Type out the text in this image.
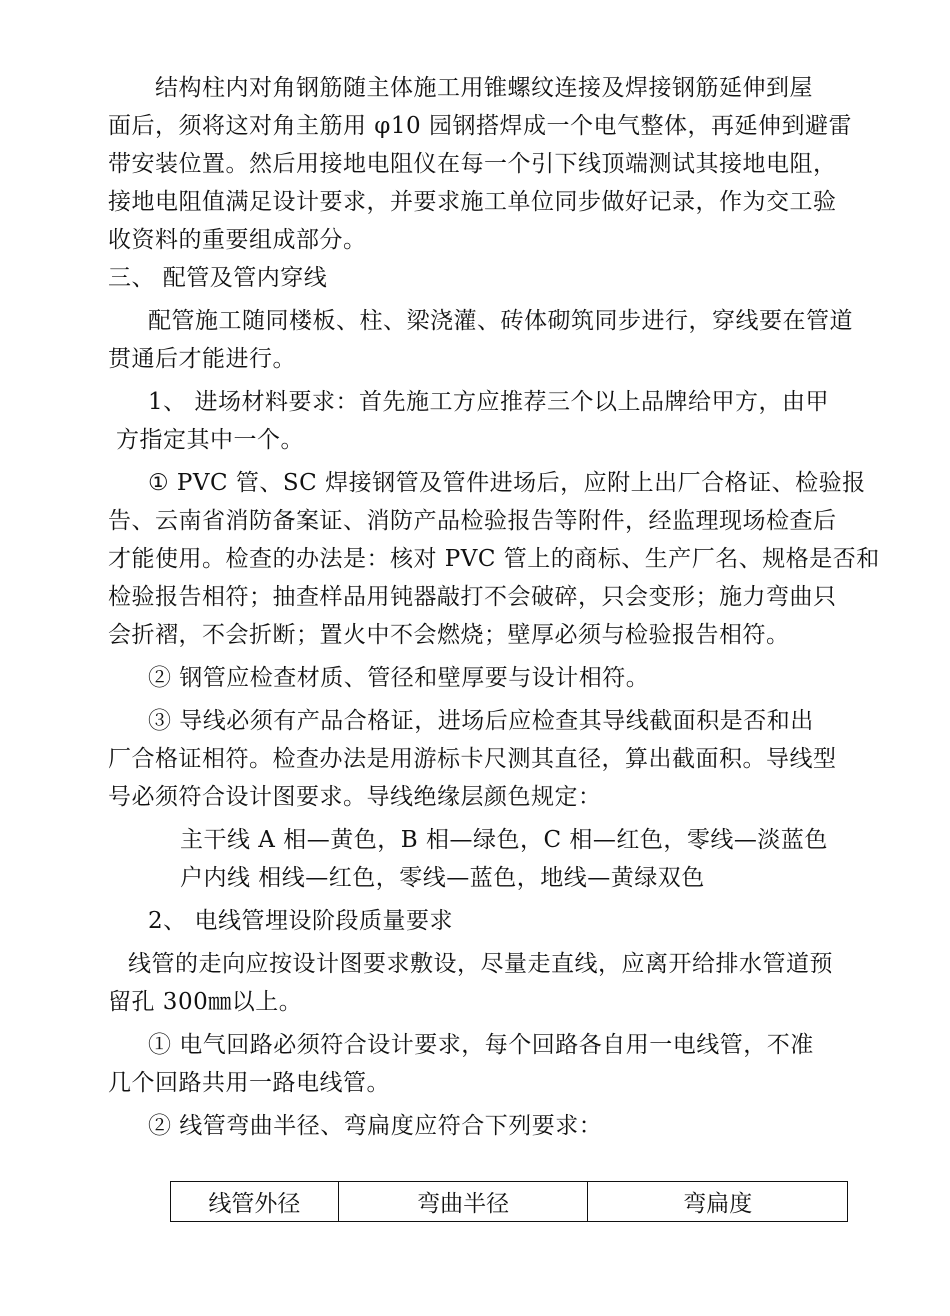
结构柱内对角钢筋随主体施工用锥螺纹连接及焊接钢筋延伸到屋
面后，须将这对角主筋用 φ10 园钢搭焊成一个电气整体，再延伸到避雷
带安装位置。然后用接地电阻仪在每一个引下线顶端测试其接地电阻，
接地电阻值满足设计要求，并要求施工单位同步做好记录，作为交工验
收资料的重要组成部分。
三、 配管及管内穿线
配管施工随同楼板、柱、梁浇灌、砖体砌筑同步进行，穿线要在管道
贯通后才能进行。
1、 进场材料要求：首先施工方应推荐三个以上品牌给甲方，由甲
方指定其中一个。
① PVC 管、SC 焊接钢管及管件进场后，应附上出厂合格证、检验报
告、云南省消防备案证、消防产品检验报告等附件，经监理现场检查后
才能使用。检查的办法是：核对 PVC 管上的商标、生产厂名、规格是否和
检验报告相符；抽查样品用钝器敲打不会破碎，只会变形；施力弯曲只
会折褶，不会折断；置火中不会燃烧；壁厚必须与检验报告相符。
② 钢管应检查材质、管径和壁厚要与设计相符。
③ 导线必须有产品合格证，进场后应检查其导线截面积是否和出
厂合格证相符。检查办法是用游标卡尺测其直径，算出截面积。导线型
号必须符合设计图要求。导线绝缘层颜色规定：
主干线 A 相—黄色，B 相—绿色，C 相—红色，零线—淡蓝色
户内线 相线—红色，零线—蓝色，地线—黄绿双色
2、 电线管埋设阶段质量要求
线管的走向应按设计图要求敷设，尽量走直线，应离开给排水管道预
留孔 300㎜以上。
① 电气回路必须符合设计要求，每个回路各自用一电线管，不准
几个回路共用一路电线管。
② 线管弯曲半径、弯扁度应符合下列要求：
线管外径	弯曲半径	弯扁度
